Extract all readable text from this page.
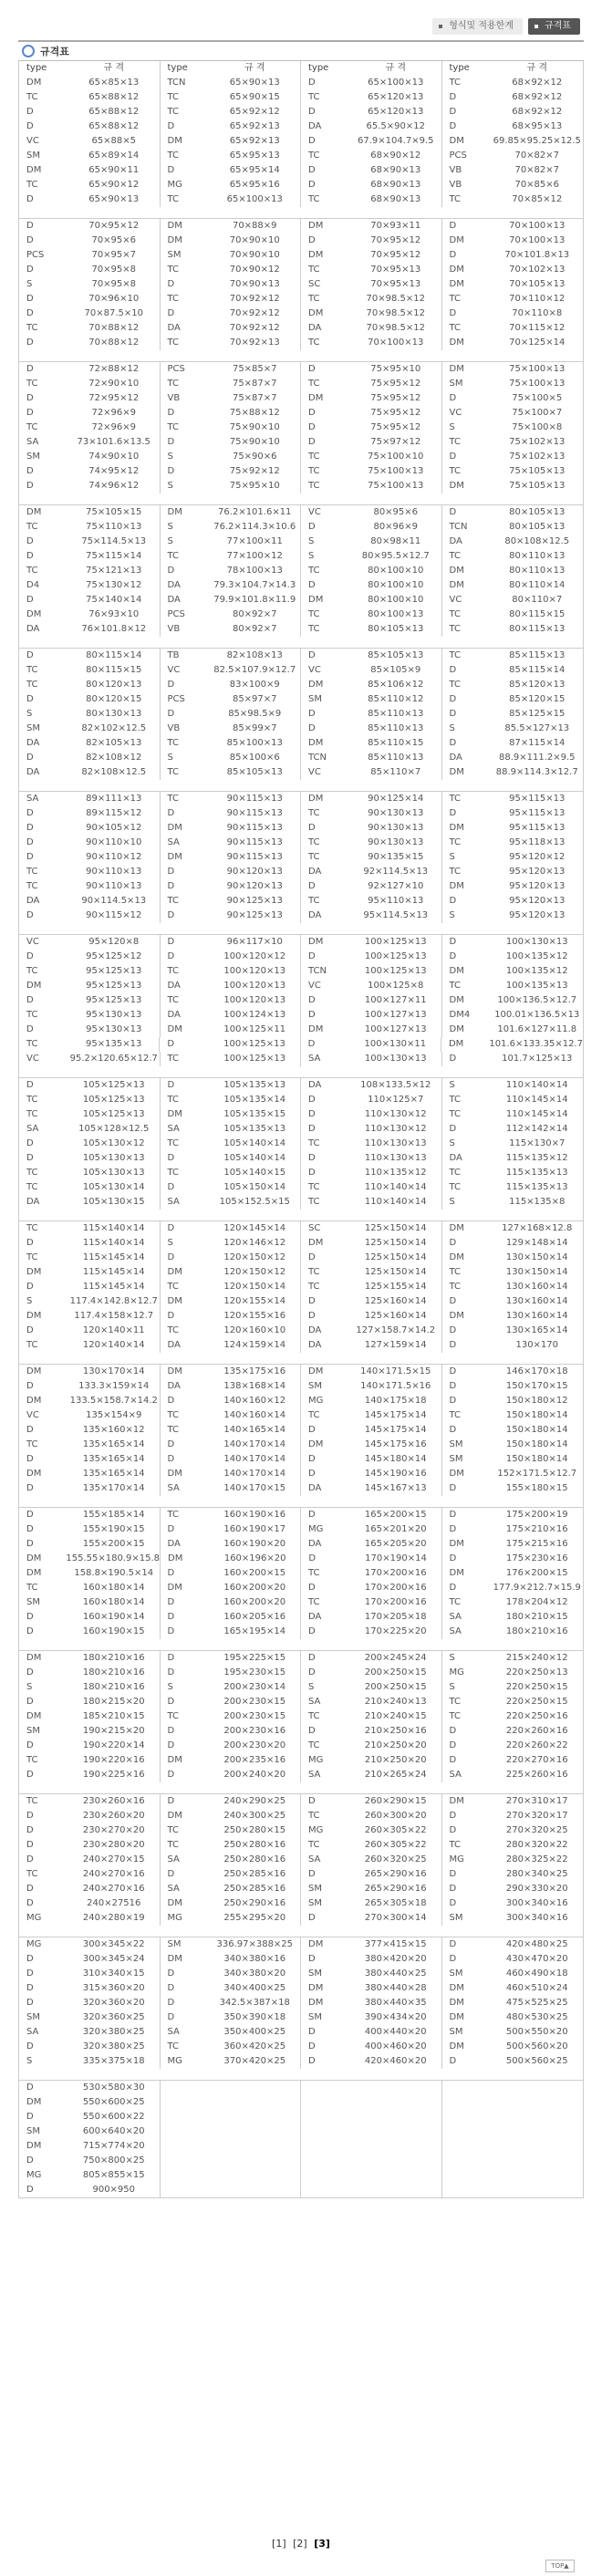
형식및 적용한계	규격표
규격표
type	규 격	type	규 격	type	규 격	type	규 격
DM	65×85×13	TCN	65×90×13	D	65×100×13	TC	68×92×12
TC	65×88×12	TC	65×90×15	TC	65×120×13	D	68×92×12
D	65×88×12	TC	65×92×12	D	65×120×13	D	68×92×12
D	65×88×12	D	65×92×13	DA	65.5×90×12	D	68×95×13
VC	65×88×5	DM	65×92×13	D	67.9×104.7×9.5	DM	69.85×95.25×12.5
SM	65×89×14	TC	65×95×13	TC	68×90×12	PCS	70×82×7
DM	65×90×11	D	65×95×14	D	68×90×13	VB	70×82×7
TC	65×90×12	MG	65×95×16	D	68×90×13	VB	70×85×6
D	65×90×13	TC	65×100×13	TC	68×90×13	TC	70×85×12
D	70×95×12	DM	70×88×9	DM	70×93×11	D	70×100×13
D	70×95×6	DM	70×90×10	D	70×95×12	DM	70×100×13
PCS	70×95×7	SM	70×90×10	DM	70×95×12	D	70×101.8×13
D	70×95×8	TC	70×90×12	TC	70×95×13	DM	70×102×13
S	70×95×8	D	70×90×13	SC	70×95×13	DM	70×105×13
D	70×96×10	TC	70×92×12	TC	70×98.5×12	TC	70×110×12
D	70×87.5×10	D	70×92×12	DM	70×98.5×12	D	70×110×8
TC	70×88×12	DA	70×92×12	DA	70×98.5×12	TC	70×115×12
D	70×88×12	TC	70×92×13	TC	70×100×13	DM	70×125×14
D	72×88×12	PCS	75×85×7	D	75×95×10	DM	75×100×13
TC	72×90×10	TC	75×87×7	TC	75×95×12	SM	75×100×13
D	72×95×12	VB	75×87×7	DM	75×95×12	D	75×100×5
D	72×96×9	D	75×88×12	D	75×95×12	VC	75×100×7
TC	72×96×9	TC	75×90×10	D	75×95×12	S	75×100×8
SA	73×101.6×13.5	D	75×90×10	D	75×97×12	TC	75×102×13
SM	74×90×10	S	75×90×6	TC	75×100×10	D	75×102×13
D	74×95×12	D	75×92×12	TC	75×100×13	TC	75×105×13
D	74×96×12	S	75×95×10	TC	75×100×13	DM	75×105×13
DM	75×105×15	DM	76.2×101.6×11	VC	80×95×6	D	80×105×13
TC	75×110×13	S	76.2×114.3×10.6	D	80×96×9	TCN	80×105×13
D	75×114.5×13	S	77×100×11	S	80×98×11	DA	80×108×12.5
D	75×115×14	TC	77×100×12	S	80×95.5×12.7	TC	80×110×13
TC	75×121×13	D	78×100×13	TC	80×100×10	DM	80×110×13
D4	75×130×12	DA	79.3×104.7×14.3	D	80×100×10	DM	80×110×14
D	75×140×14	DA	79.9×101.8×11.9	DM	80×100×10	VC	80×110×7
DM	76×93×10	PCS	80×92×7	TC	80×100×13	TC	80×115×15
DA	76×101.8×12	VB	80×92×7	TC	80×105×13	TC	80×115×13
D	80×115×14	TB	82×108×13	D	85×105×13	TC	85×115×13
TC	80×115×15	VC	82.5×107.9×12.7	VC	85×105×9	D	85×115×14
TC	80×120×13	D	83×100×9	DM	85×106×12	TC	85×120×13
D	80×120×15	PCS	85×97×7	SM	85×110×12	D	85×120×15
S	80×130×13	D	85×98.5×9	D	85×110×13	D	85×125×15
SM	82×102×12.5	VB	85×99×7	D	85×110×13	S	85.5×127×13
DA	82×105×13	TC	85×100×13	DM	85×110×15	D	87×115×14
D	82×108×12	S	85×100×6	TCN	85×110×13	DA	88.9×111.2×9.5
DA	82×108×12.5	TC	85×105×13	VC	85×110×7	DM	88.9×114.3×12.7
SA	89×111×13	TC	90×115×13	DM	90×125×14	TC	95×115×13
D	89×115×12	D	90×115×13	TC	90×130×13	D	95×115×13
D	90×105×12	DM	90×115×13	D	90×130×13	DM	95×115×13
D	90×110×10	SA	90×115×13	TC	90×130×13	TC	95×118×13
D	90×110×12	DM	90×115×13	TC	90×135×15	S	95×120×12
TC	90×110×13	D	90×120×13	DA	92×114.5×13	TC	95×120×13
TC	90×110×13	D	90×120×13	D	92×127×10	DM	95×120×13
DA	90×114.5×13	TC	90×125×13	TC	95×110×13	D	95×120×13
D	90×115×12	D	90×125×13	DA	95×114.5×13	S	95×120×13
VC	95×120×8	D	96×117×10	DM	100×125×13	D	100×130×13
D	95×125×12	D	100×120×12	D	100×125×13	D	100×135×12
TC	95×125×13	TC	100×120×13	TCN	100×125×13	DM	100×135×12
DM	95×125×13	DA	100×120×13	VC	100×125×8	TC	100×135×13
D	95×125×13	TC	100×120×13	D	100×127×11	DM	100×136.5×12.7
TC	95×130×13	DA	100×124×13	D	100×127×13	DM4	100.01×136.5×13
D	95×130×13	DM	100×125×11	DM	100×127×13	DM	101.6×127×11.8
TC	95×135×13	D	100×125×13	D	100×130×11	DM	101.6×133.35×12.7
VC	95.2×120.65×12.7	TC	100×125×13	SA	100×130×13	D	101.7×125×13
D	105×125×13	D	105×135×13	DA	108×133.5×12	S	110×140×14
TC	105×125×13	TC	105×135×14	D	110×125×7	TC	110×145×14
TC	105×125×13	DM	105×135×15	D	110×130×12	TC	110×145×14
SA	105×128×12.5	SA	105×135×13	D	110×130×12	D	112×142×14
D	105×130×12	TC	105×140×14	TC	110×130×13	S	115×130×7
D	105×130×13	D	105×140×14	D	110×130×13	DA	115×135×12
TC	105×130×13	TC	105×140×15	D	110×135×12	TC	115×135×13
TC	105×130×14	D	105×150×14	TC	110×140×14	TC	115×135×13
DA	105×130×15	SA	105×152.5×15	TC	110×140×14	S	115×135×8
TC	115×140×14	D	120×145×14	SC	125×150×14	DM	127×168×12.8
D	115×140×14	S	120×146×12	DM	125×150×14	D	129×148×14
TC	115×145×14	D	120×150×12	D	125×150×14	DM	130×150×14
DM	115×145×14	DM	120×150×12	TC	125×150×14	TC	130×150×14
D	115×145×14	TC	120×150×14	TC	125×155×14	TC	130×160×14
S	117.4×142.8×12.7	DM	120×155×14	D	125×160×14	D	130×160×14
DM	117.4×158×12.7	D	120×155×16	D	125×160×14	DM	130×160×14
D	120×140×11	TC	120×160×10	DA	127×158.7×14.2	D	130×165×14
TC	120×140×14	DA	124×159×14	DA	127×159×14	D	130×170
DM	130×170×14	DM	135×175×16	DM	140×171.5×15	D	146×170×18
D	133.3×159×14	DA	138×168×14	SM	140×171.5×16	D	150×170×15
DM	133.5×158.7×14.2	D	140×160×12	MG	140×175×18	D	150×180×12
VC	135×154×9	TC	140×160×14	TC	145×175×14	TC	150×180×14
D	135×160×12	TC	140×165×14	D	145×175×14	D	150×180×14
TC	135×165×14	D	140×170×14	DM	145×175×16	SM	150×180×14
D	135×165×14	D	140×170×14	D	145×180×14	SM	150×180×14
DM	135×165×14	DM	140×170×14	D	145×190×16	DM	152×171.5×12.7
D	135×170×14	SA	140×170×15	DA	145×167×13	D	155×180×15
D	155×185×14	TC	160×190×16	D	165×200×15	D	175×200×19
D	155×190×15	D	160×190×17	MG	165×201×20	D	175×210×16
D	155×200×15	DA	160×190×20	DA	165×205×20	DM	175×215×16
DM	155.55×180.9×15.8 DM	160×196×20	D	170×190×14	D	175×230×16
DM	158.8×190.5×14	D	160×200×15	TC	170×200×16	DM	176×200×15
TC	160×180×14	DM	160×200×20	D	170×200×16	D	177.9×212.7×15.9
SM	160×180×14	D	160×200×20	TC	170×200×16	TC	178×204×12
D	160×190×14	D	160×205×16	DA	170×205×18	SA	180×210×15
D	160×190×15	D	165×195×14	D	170×225×20	SA	180×210×16
DM	180×210×16	D	195×225×15	D	200×245×24	S	215×240×12
D	180×210×16	D	195×230×15	D	200×250×15	MG	220×250×13
S	180×210×16	S	200×230×14	S	200×250×15	S	220×250×15
D	180×215×20	D	200×230×15	SA	210×240×13	TC	220×250×15
DM	185×210×15	TC	200×230×15	TC	210×240×15	TC	220×250×16
SM	190×215×20	D	200×230×16	D	210×250×16	D	220×260×16
D	190×220×14	D	200×230×20	TC	210×250×20	D	220×260×22
TC	190×220×16	DM	200×235×16	MG	210×250×20	D	220×270×16
D	190×225×16	D	200×240×20	SA	210×265×24	SA	225×260×16
TC	230×260×16	D	240×290×25	D	260×290×15	DM	270×310×17
D	230×260×20	DM	240×300×25	TC	260×300×20	D	270×320×17
D	230×270×20	TC	250×280×15	MG	260×305×22	D	270×320×25
D	230×280×20	TC	250×280×16	TC	260×305×22	TC	280×320×22
D	240×270×15	SA	250×280×16	SA	260×320×25	MG	280×325×22
TC	240×270×16	D	250×285×16	D	265×290×16	D	280×340×25
D	240×270×16	SA	250×285×16	SM	265×290×16	D	290×330×20
D	240×27516	DM	250×290×16	SM	265×305×18	D	300×340×16
MG	240×280×19	MG	255×295×20	D	270×300×14	SM	300×340×16
MG	300×345×22	SM	336.97×388×25	DM	377×415×15	D	420×480×25
D	300×345×24	DM	340×380×16	D	380×420×20	D	430×470×20
D	310×340×15	D	340×380×20	SM	380×440×25	SM	460×490×18
D	315×360×20	D	340×400×25	DM	380×440×28	DM	460×510×24
D	320×360×20	D	342.5×387×18	DM	380×440×35	DM	475×525×25
SM	320×360×25	D	350×390×18	SM	390×434×20	DM	480×530×25
SA	320×380×25	SA	350×400×25	D	400×440×20	SM	500×550×20
D	320×380×25	TC	360×420×25	D	400×460×20	DM	500×560×20
S	335×375×18	MG	370×420×25	D	420×460×20	D	500×560×25
D	530×580×30
DM	550×600×25
D	550×600×22
SM	600×640×20
DM	715×774×20
D	750×800×25
MG	805×855×15
D	900×950
[1] [2] [3]
TOP▲
